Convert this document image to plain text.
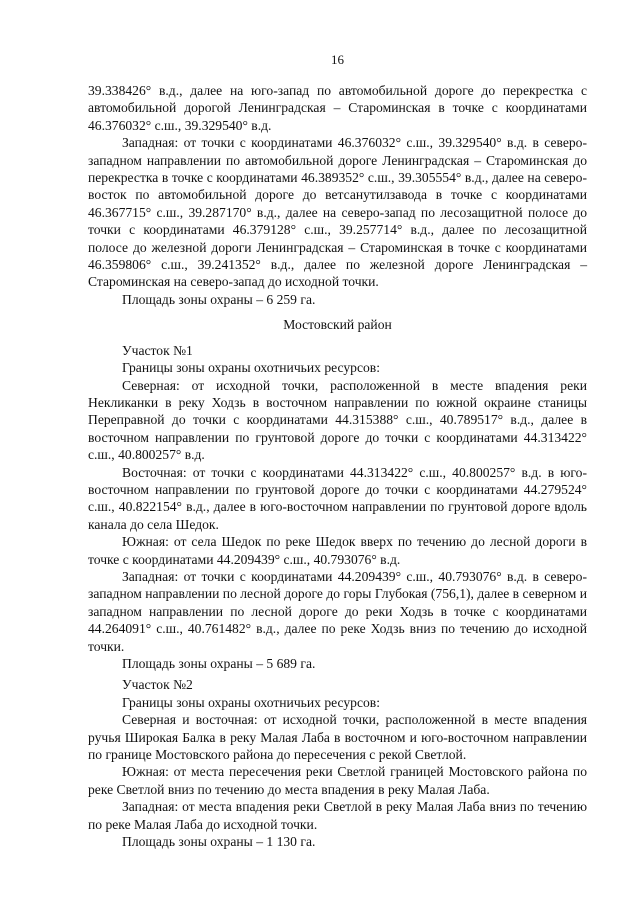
16

39.338426° в.д., далее на юго-запад по автомобильной дороге до перекрестка с автомобильной дорогой Ленинградская – Староминская в точке с координатами 46.376032° с.ш., 39.329540° в.д.

Западная: от точки с координатами 46.376032° с.ш., 39.329540° в.д. в северо-западном направлении по автомобильной дороге Ленинградская – Староминская до перекрестка в точке с координатами 46.389352° с.ш., 39.305554° в.д., далее на северо-восток по автомобильной дороге до ветсанутилзавода в точке с координатами 46.367715° с.ш., 39.287170° в.д., далее на северо-запад по лесозащитной полосе до точки с координатами 46.379128° с.ш., 39.257714° в.д., далее по лесозащитной полосе до железной дороги Ленинградская – Староминская в точке с координатами 46.359806° с.ш., 39.241352° в.д., далее по железной дороге Ленинградская – Староминская на северо-запад до исходной точки.

Площадь зоны охраны – 6 259 га.

Мостовский район

Участок №1

Границы зоны охраны охотничьих ресурсов:

Северная: от исходной точки, расположенной в месте впадения реки Некликанки в реку Ходзь в восточном направлении по южной окраине станицы Переправной до точки с координатами 44.315388° с.ш., 40.789517° в.д., далее в восточном направлении по грунтовой дороге до точки с координатами 44.313422° с.ш., 40.800257° в.д.

Восточная: от точки с координатами 44.313422° с.ш., 40.800257° в.д. в юго-восточном направлении по грунтовой дороге до точки с координатами 44.279524° с.ш., 40.822154° в.д., далее в юго-восточном направлении по грунтовой дороге вдоль канала до села Шедок.

Южная: от села Шедок по реке Шедок вверх по течению до лесной дороги в точке с координатами 44.209439° с.ш., 40.793076° в.д.

Западная: от точки с координатами 44.209439° с.ш., 40.793076° в.д. в северо-западном направлении по лесной дороге до горы Глубокая (756,1), далее в северном и западном направлении по лесной дороге до реки Ходзь в точке с координатами 44.264091° с.ш., 40.761482° в.д., далее по реке Ходзь вниз по течению до исходной точки.

Площадь зоны охраны – 5 689 га.

Участок №2

Границы зоны охраны охотничьих ресурсов:

Северная и восточная: от исходной точки, расположенной в месте впадения ручья Широкая Балка в реку Малая Лаба в восточном и юго-восточном направлении по границе Мостовского района до пересечения с рекой Светлой.

Южная: от места пересечения реки Светлой границей Мостовского района по реке Светлой вниз по течению до места впадения в реку Малая Лаба.

Западная: от места впадения реки Светлой в реку Малая Лаба вниз по течению по реке Малая Лаба до исходной точки.

Площадь зоны охраны – 1 130 га.
